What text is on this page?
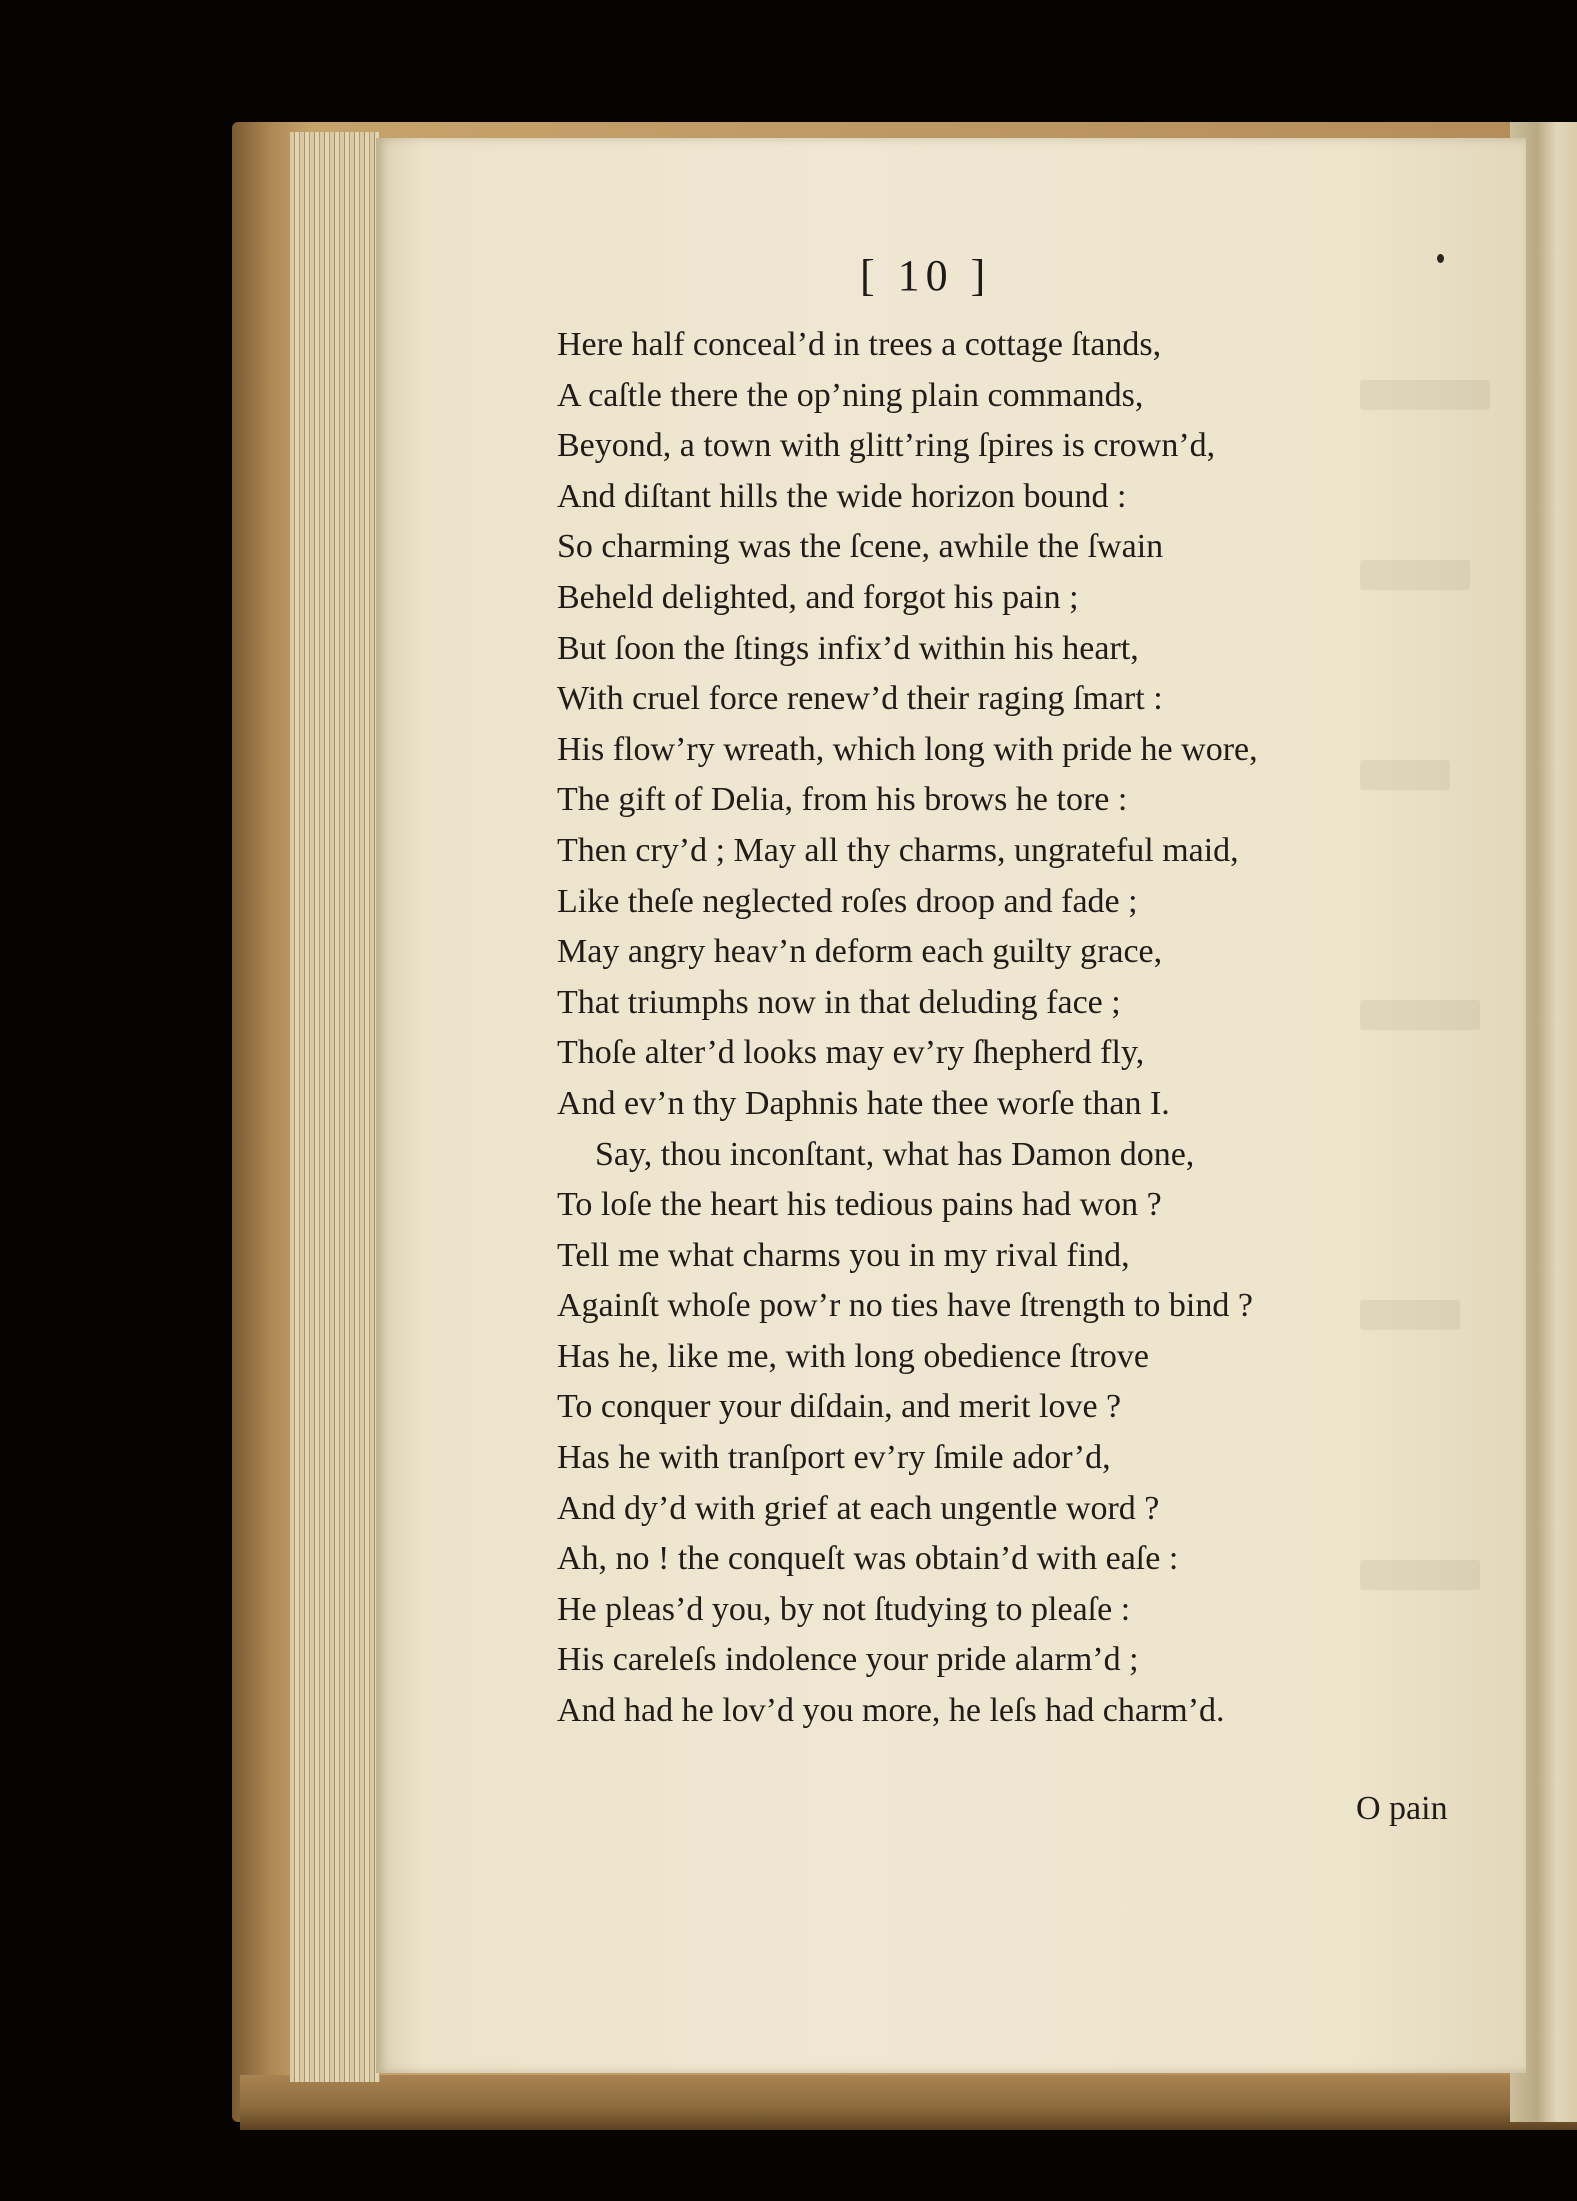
[ 10 ]
Here half conceal’d in trees a cottage ſtands,
A caſtle there the op’ning plain commands,
Beyond, a town with glitt’ring ſpires is crown’d,
And diſtant hills the wide horizon bound :
So charming was the ſcene, awhile the ſwain
Beheld delighted, and forgot his pain ;
But ſoon the ſtings infix’d within his heart,
With cruel force renew’d their raging ſmart :
His flow’ry wreath, which long with pride he wore,
The gift of Delia, from his brows he tore :
Then cry’d ; May all thy charms, ungrateful maid,
Like theſe neglected roſes droop and fade ;
May angry heav’n deform each guilty grace,
That triumphs now in that deluding face ;
Thoſe alter’d looks may ev’ry ſhepherd fly,
And ev’n thy Daphnis hate thee worſe than I.
Say, thou inconſtant, what has Damon done,
To loſe the heart his tedious pains had won ?
Tell me what charms you in my rival find,
Againſt whoſe pow’r no ties have ſtrength to bind ?
Has he, like me, with long obedience ſtrove
To conquer your diſdain, and merit love ?
Has he with tranſport ev’ry ſmile ador’d,
And dy’d with grief at each ungentle word ?
Ah, no ! the conqueſt was obtain’d with eaſe :
He pleas’d you, by not ſtudying to pleaſe :
His careleſs indolence your pride alarm’d ;
And had he lov’d you more, he leſs had charm’d.
O pain
